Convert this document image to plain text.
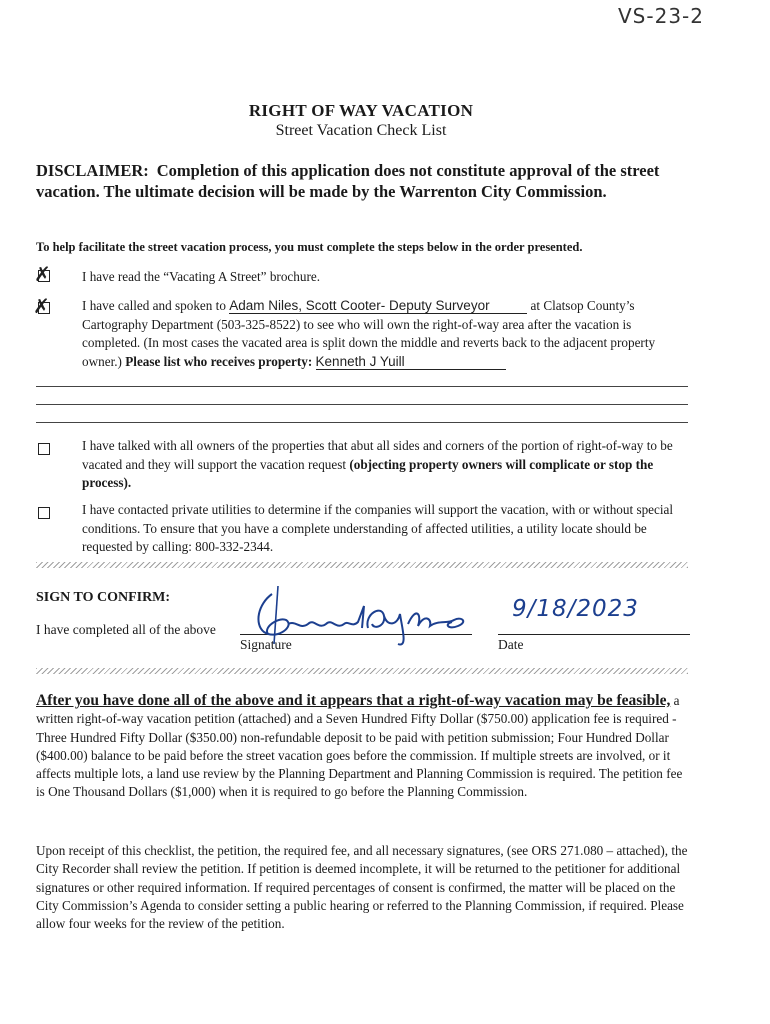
VS-23-2
RIGHT OF WAY VACATION
Street Vacation Check List
DISCLAIMER: Completion of this application does not constitute approval of the street vacation. The ultimate decision will be made by the Warrenton City Commission.
To help facilitate the street vacation process, you must complete the steps below in the order presented.
✗ I have read the “Vacating A Street” brochure.
✗ I have called and spoken to Adam Niles, Scott Cooter- Deputy Surveyor	at Clatsop County’s Cartography Department (503-325-8522) to see who will own the right-of-way area after the vacation is completed. (In most cases the vacated area is split down the middle and reverts back to the adjacent property owner.) Please list who receives property: Kenneth J Yuill
I have talked with all owners of the properties that abut all sides and corners of the portion of right-of-way to be vacated and they will support the vacation request (objecting property owners will complicate or stop the process).
I have contacted private utilities to determine if the companies will support the vacation, with or without special conditions. To ensure that you have a complete understanding of affected utilities, a utility locate should be requested by calling: 800-332-2344.
SIGN TO CONFIRM:
I have completed all of the above
Signature
9/18/2023
Date
After you have done all of the above and it appears that a right-of-way vacation may be feasible, a written right-of-way vacation petition (attached) and a Seven Hundred Fifty Dollar ($750.00) application fee is required - Three Hundred Fifty Dollar ($350.00) non-refundable deposit to be paid with petition submission; Four Hundred Dollar ($400.00) balance to be paid before the street vacation goes before the commission. If multiple streets are involved, or it affects multiple lots, a land use review by the Planning Department and Planning Commission is required. The petition fee is One Thousand Dollars ($1,000) when it is required to go before the Planning Commission.
Upon receipt of this checklist, the petition, the required fee, and all necessary signatures, (see ORS 271.080 – attached), the City Recorder shall review the petition. If petition is deemed incomplete, it will be returned to the petitioner for additional signatures or other required information. If required percentages of consent is confirmed, the matter will be placed on the City Commission’s Agenda to consider setting a public hearing or referred to the Planning Commission, if required. Please allow four weeks for the review of the petition.
